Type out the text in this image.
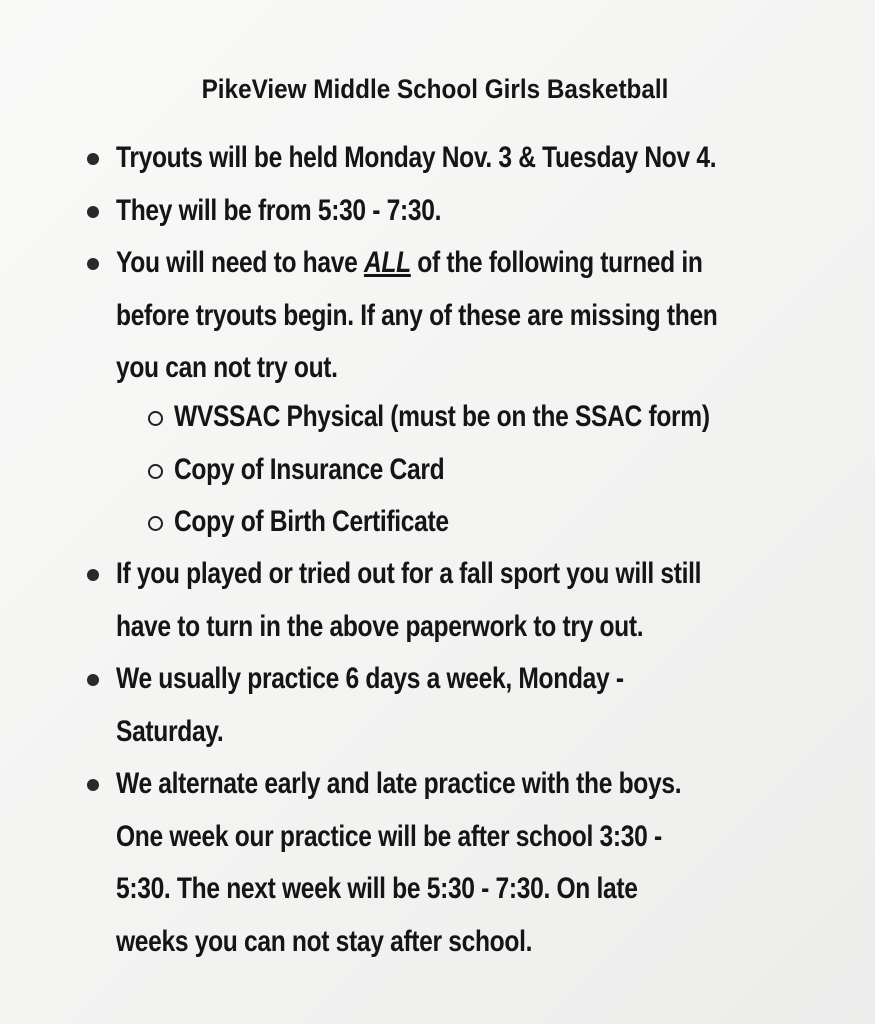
PikeView Middle School Girls Basketball
Tryouts will be held Monday Nov. 3 & Tuesday Nov 4.
They will be from 5:30 - 7:30.
You will need to have ALL of the following turned in
before tryouts begin. If any of these are missing then
you can not try out.
WVSSAC Physical (must be on the SSAC form)
Copy of Insurance Card
Copy of Birth Certificate
If you played or tried out for a fall sport you will still
have to turn in the above paperwork to try out.
We usually practice 6 days a week, Monday -
Saturday.
We alternate early and late practice with the boys.
One week our practice will be after school 3:30 -
5:30. The next week will be 5:30 - 7:30. On late
weeks you can not stay after school.
